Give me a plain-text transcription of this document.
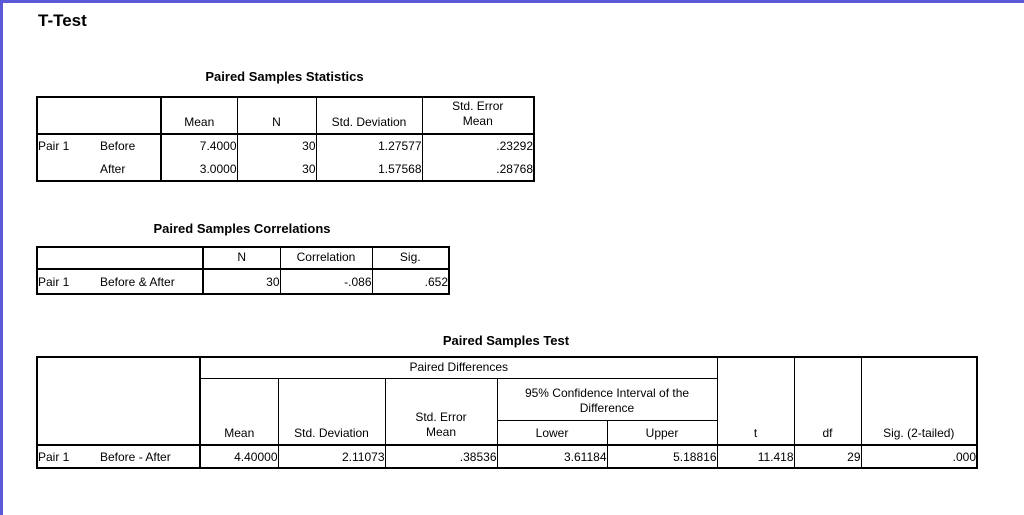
T-Test
Paired Samples Statistics
	Mean	N	Std. Deviation	Std. Error Mean

Pair 1 Before	7.4000	30	1.27577	.23292
After	3.0000	30	1.57568	.28768
Paired Samples Correlations
	N	Correlation	Sig.
Pair 1 Before & After	30	-.086	.652
Paired Samples Test
	Paired Differences					t	df	Sig. (2-tailed)
	Mean	Std. Deviation	Std. Error Mean	95% Confidence Interval of the Difference				

				Lower	Upper			
Pair 1 Before - After	4.40000	2.11073	.38536	3.61184	5.18816	11.418	29	.000
